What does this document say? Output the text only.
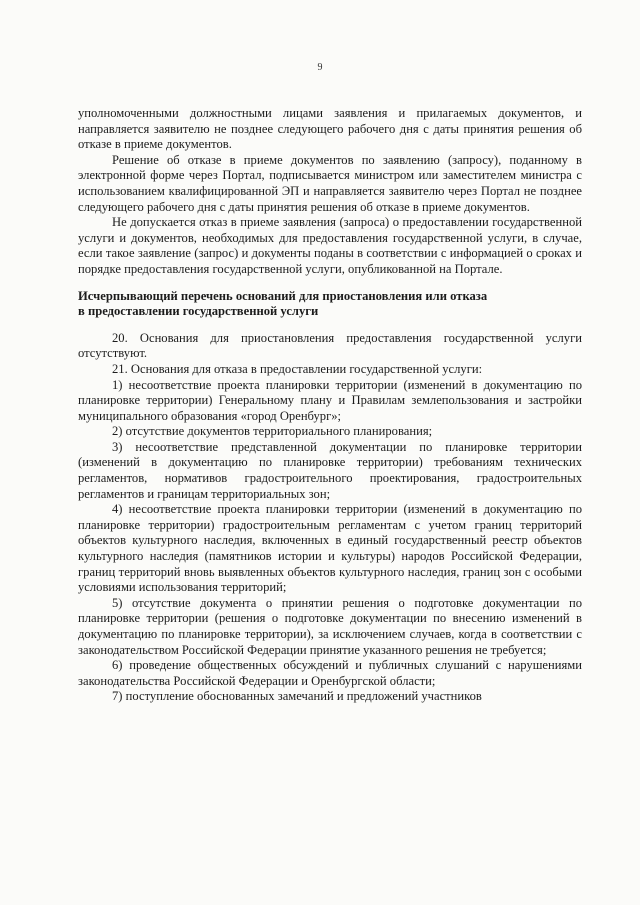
9

уполномоченными должностными лицами заявления и прилагаемых документов, и направляется заявителю не позднее следующего рабочего дня с даты принятия решения об отказе в приеме документов.

Решение об отказе в приеме документов по заявлению (запросу), поданному в электронной форме через Портал, подписывается министром или заместителем министра с использованием квалифицированной ЭП и направляется заявителю через Портал не позднее следующего рабочего дня с даты принятия решения об отказе в приеме документов.

Не допускается отказ в приеме заявления (запроса) о предоставлении государственной услуги и документов, необходимых для предоставления государственной услуги, в случае, если такое заявление (запрос) и документы поданы в соответствии с информацией о сроках и порядке предоставления государственной услуги, опубликованной на Портале.

Исчерпывающий перечень оснований для приостановления или отказа

в предоставлении государственной услуги

20. Основания для приостановления предоставления государственной услуги отсутствуют.

21. Основания для отказа в предоставлении государственной услуги:

1) несоответствие проекта планировки территории (изменений в документацию по планировке территории) Генеральному плану и Правилам землепользования и застройки муниципального образования «город Оренбург»;

2) отсутствие документов территориального планирования;

3) несоответствие представленной документации по планировке территории (изменений в документацию по планировке территории) требованиям технических регламентов, нормативов градостроительного проектирования, градостроительных регламентов и границам территориальных зон;

4) несоответствие проекта планировки территории (изменений в документацию по планировке территории) градостроительным регламентам с учетом границ территорий объектов культурного наследия, включенных в единый государственный реестр объектов культурного наследия (памятников истории и культуры) народов Российской Федерации, границ территорий вновь выявленных объектов культурного наследия, границ зон с особыми условиями использования территорий;

5) отсутствие документа о принятии решения о подготовке документации по планировке территории (решения о подготовке документации по внесению изменений в документацию по планировке территории), за исключением случаев, когда в соответствии с законодательством Российской Федерации принятие указанного решения не требуется;

6) проведение общественных обсуждений и публичных слушаний с нарушениями законодательства Российской Федерации и Оренбургской области;

7) поступление обоснованных замечаний и предложений участников
